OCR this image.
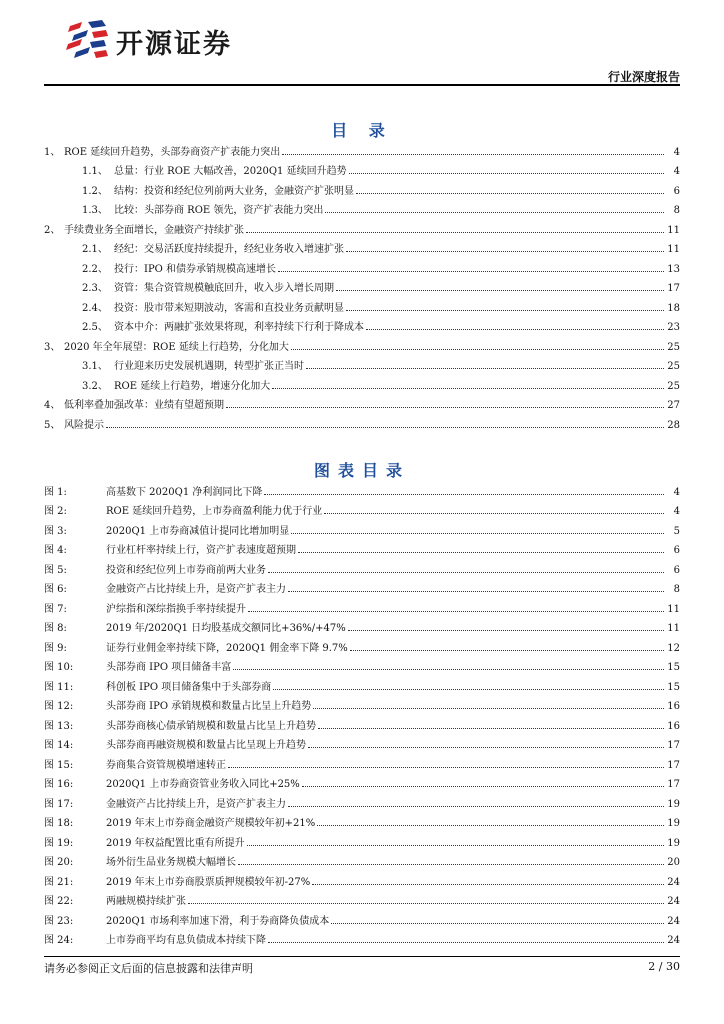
开源证券
行业深度报告
目 录
1、 ROE 延续回升趋势，头部券商资产扩表能力突出	4
1.1、 总量：行业 ROE 大幅改善，2020Q1 延续回升趋势	4
1.2、 结构：投资和经纪位列前两大业务，金融资产扩张明显	6
1.3、 比较：头部券商 ROE 领先，资产扩表能力突出	8
2、 手续费业务全面增长，金融资产持续扩张	11
2.1、 经纪：交易活跃度持续提升，经纪业务收入增速扩张	11
2.2、 投行：IPO 和债券承销规模高速增长	13
2.3、 资管：集合资管规模触底回升，收入步入增长周期	17
2.4、 投资：股市带来短期波动，客需和直投业务贡献明显	18
2.5、 资本中介：两融扩张效果将现，利率持续下行利于降成本	23
3、 2020 年全年展望：ROE 延续上行趋势，分化加大	25
3.1、 行业迎来历史发展机遇期，转型扩张正当时	25
3.2、 ROE 延续上行趋势，增速分化加大	25
4、 低利率叠加强改革：业绩有望超预期	27
5、 风险提示	28
图表目录
图 1:	高基数下 2020Q1 净利润同比下降	4
图 2:	ROE 延续回升趋势，上市券商盈利能力优于行业	4
图 3:	2020Q1 上市券商减值计提同比增加明显	5
图 4:	行业杠杆率持续上行，资产扩表速度超预期	6
图 5:	投资和经纪位列上市券商前两大业务	6
图 6:	金融资产占比持续上升，是资产扩表主力	8
图 7:	沪综指和深综指换手率持续提升	11
图 8:	2019 年/2020Q1 日均股基成交额同比+36%/+47%	11
图 9:	证券行业佣金率持续下降，2020Q1 佣金率下降 9.7%	12
图 10:	头部券商 IPO 项目储备丰富	15
图 11:	科创板 IPO 项目储备集中于头部券商	15
图 12:	头部券商 IPO 承销规模和数量占比呈上升趋势	16
图 13:	头部券商核心债承销规模和数量占比呈上升趋势	16
图 14:	头部券商再融资规模和数量占比呈现上升趋势	17
图 15:	券商集合资管规模增速转正	17
图 16:	2020Q1 上市券商资管业务收入同比+25%	17
图 17:	金融资产占比持续上升，是资产扩表主力	19
图 18:	2019 年末上市券商金融资产规模较年初+21%	19
图 19:	2019 年权益配置比重有所提升	19
图 20:	场外衍生品业务规模大幅增长	20
图 21:	2019 年末上市券商股票质押规模较年初-27%	24
图 22:	两融规模持续扩张	24
图 23:	2020Q1 市场利率加速下滑，利于券商降负债成本	24
图 24:	上市券商平均有息负债成本持续下降	24
请务必参阅正文后面的信息披露和法律声明	2 / 30
